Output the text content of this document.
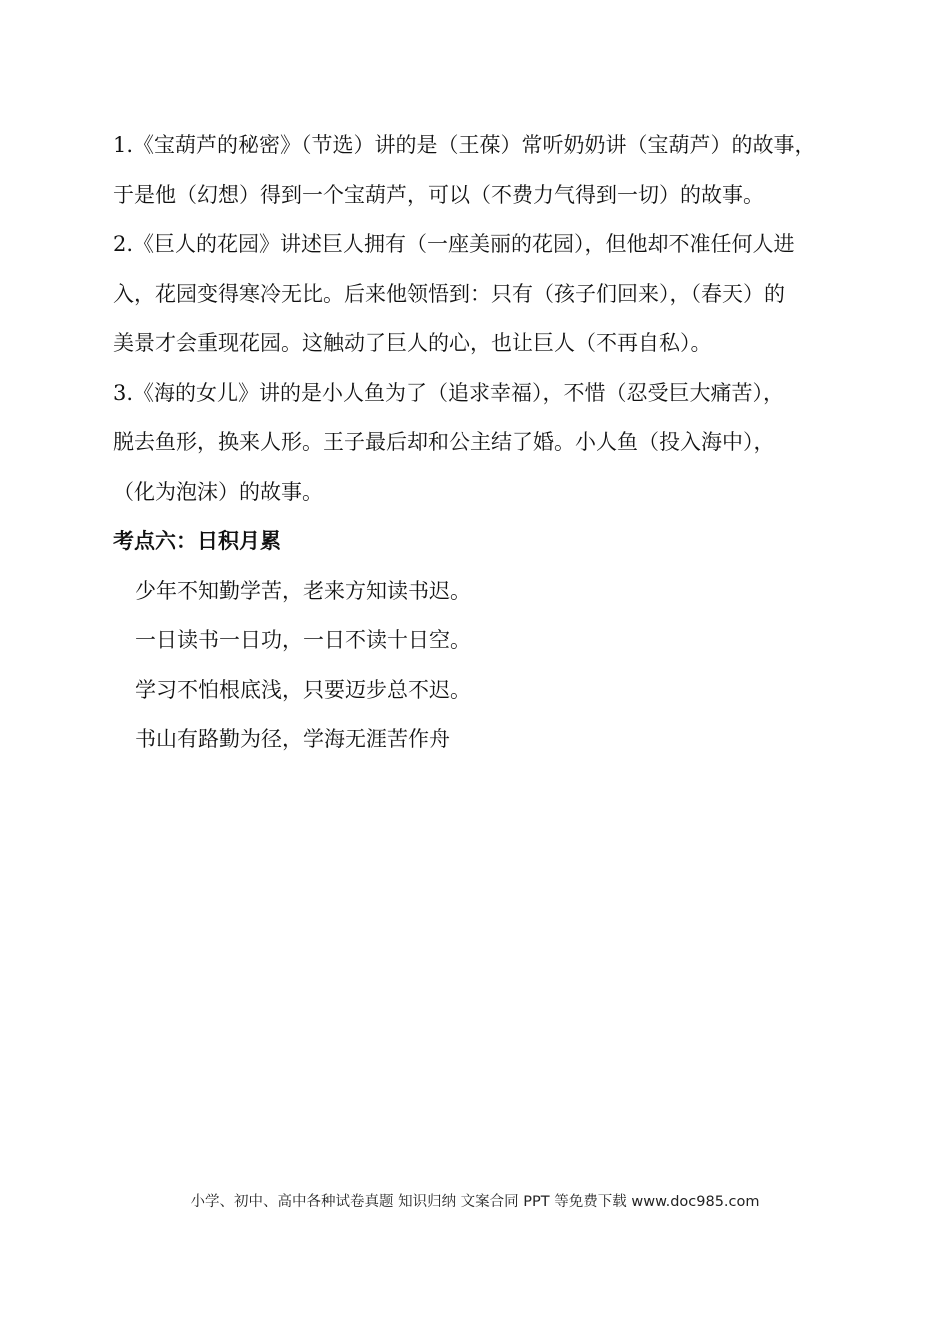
1.《宝葫芦的秘密》（节选）讲的是（王葆）常听奶奶讲（宝葫芦）的故事，
于是他（幻想）得到一个宝葫芦，可以（不费力气得到一切）的故事。

2.《巨人的花园》讲述巨人拥有（一座美丽的花园），但他却不准任何人进
入，花园变得寒冷无比。后来他领悟到：只有（孩子们回来），（春天）的
美景才会重现花园。这触动了巨人的心，也让巨人（不再自私）。

3.《海的女儿》讲的是小人鱼为了（追求幸福），不惜（忍受巨大痛苦），
脱去鱼形，换来人形。王子最后却和公主结了婚。小人鱼（投入海中），
（化为泡沫）的故事。

考点六：日积月累

少年不知勤学苦，老来方知读书迟。

一日读书一日功，一日不读十日空。

学习不怕根底浅，只要迈步总不迟。

书山有路勤为径，学海无涯苦作舟

小学、初中、高中各种试卷真题 知识归纳 文案合同 PPT 等免费下载 www.doc985.com
